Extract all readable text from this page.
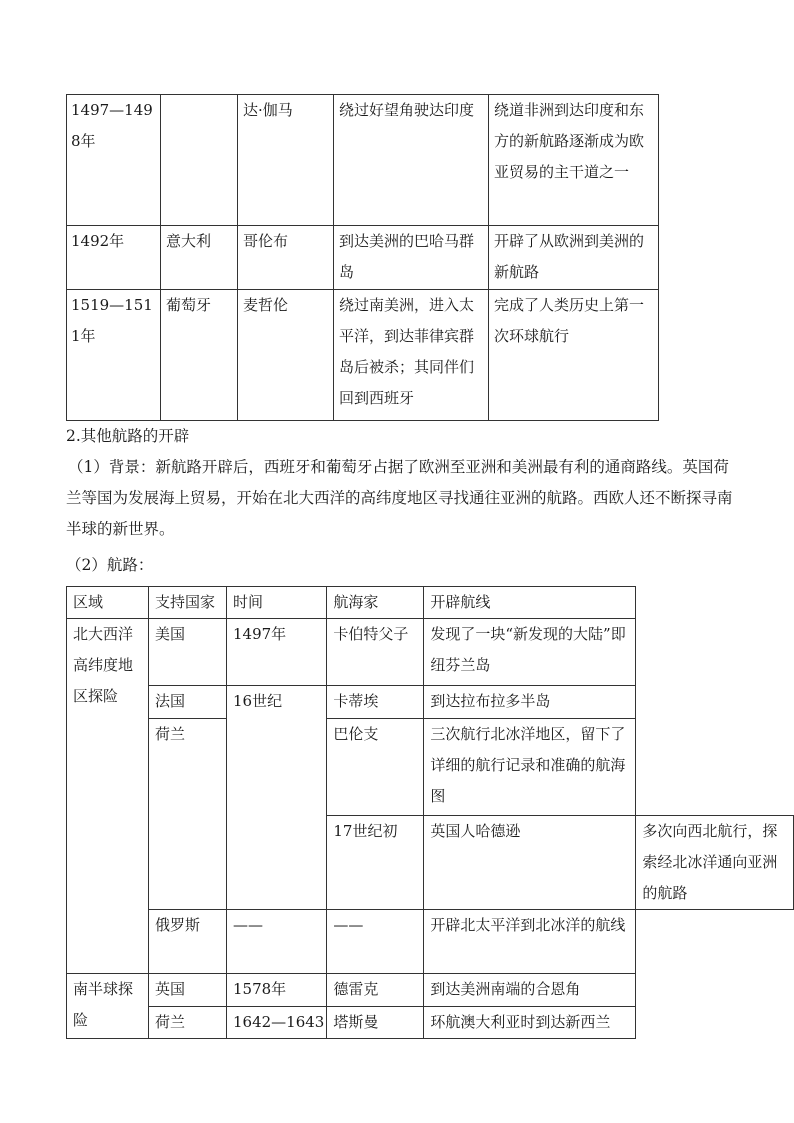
1497—1498年		达·伽马	绕过好望角驶达印度	绕道非洲到达印度和东方的新航路逐渐成为欧亚贸易的主干道之一
1492年	意大利	哥伦布	到达美洲的巴哈马群岛	开辟了从欧洲到美洲的新航路
1519—1511年	葡萄牙	麦哲伦	绕过南美洲，进入太平洋，到达菲律宾群岛后被杀；其同伴们回到西班牙	完成了人类历史上第一次环球航行
2.其他航路的开辟
（1）背景：新航路开辟后，西班牙和葡萄牙占据了欧洲至亚洲和美洲最有利的通商路线。英国荷兰等国为发展海上贸易，开始在北大西洋的高纬度地区寻找通往亚洲的航路。西欧人还不断探寻南半球的新世界。
（2）航路：
区域	支持国家	时间	航海家	开辟航线	
北大西洋高纬度地区探险	美国	1497年	卡伯特父子	发现了一块“新发现的大陆”即纽芬兰岛	
	法国	16世纪	卡蒂埃	到达拉布拉多半岛	
	荷兰		巴伦支	三次航行北冰洋地区，留下了详细的航行记录和准确的航海图	
			17世纪初	英国人哈德逊	多次向西北航行，探索经北冰洋通向亚洲的航路
	俄罗斯	——	——	开辟北太平洋到北冰洋的航线	
南半球探险	英国	1578年	德雷克	到达美洲南端的合恩角	
	荷兰	1642—1643	塔斯曼	环航澳大利亚时到达新西兰	
